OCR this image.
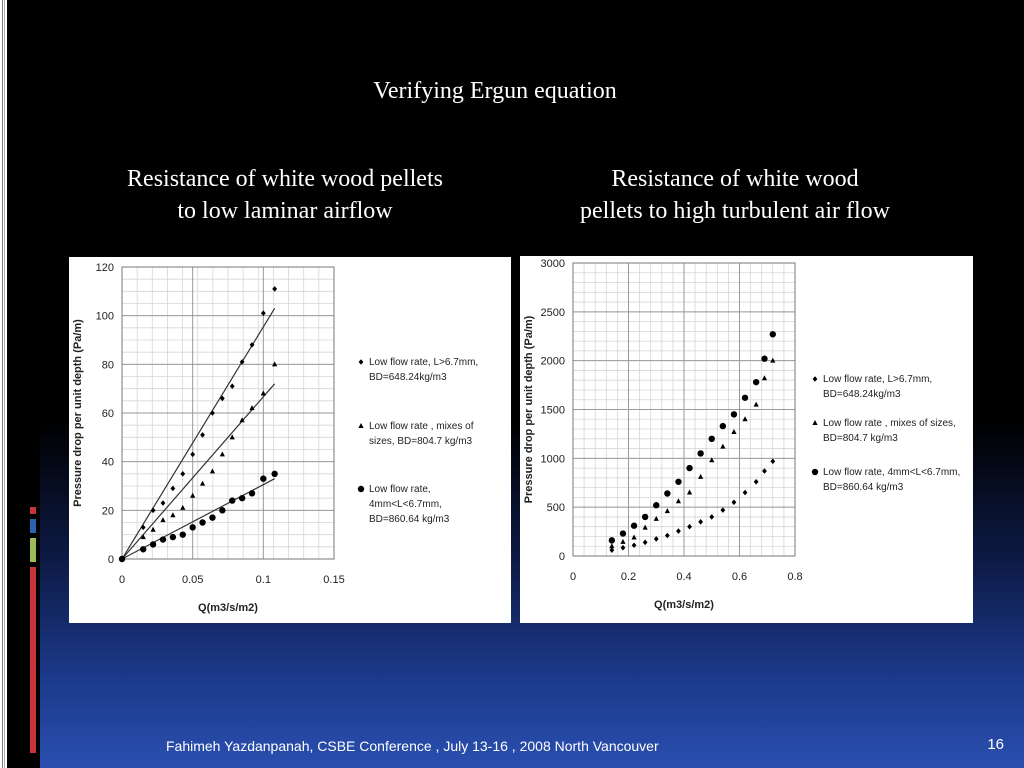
Verifying Ergun equation
Resistance of white wood pellets
to low laminar airflow
Resistance of white wood
pellets to high turbulent air flow
0
20
40
60
80
100
120
0	0.05	0.1	0.15
Q(m3/s/m2)
Pressure drop per unit depth (Pa/m)	Low flow rate, L>6.7mm,
BD=648.24kg/m3
Low flow rate , mixes of
sizes, BD=804.7 kg/m3
Low flow rate,
4mm<L<6.7mm,
BD=860.64 kg/m3
0
500
1000
1500
2000
2500
3000
0	0.2	0.4	0.6	0.8
Q(m3/s/m2)
Pressure drop per unit depth (Pa/m)	Low flow rate, L>6.7mm,
BD=648.24kg/m3
Low flow rate , mixes of sizes,
BD=804.7 kg/m3
Low flow rate, 4mm<L<6.7mm,
BD=860.64 kg/m3
Fahimeh Yazdanpanah, CSBE Conference , July 13-16 , 2008 North Vancouver	16
